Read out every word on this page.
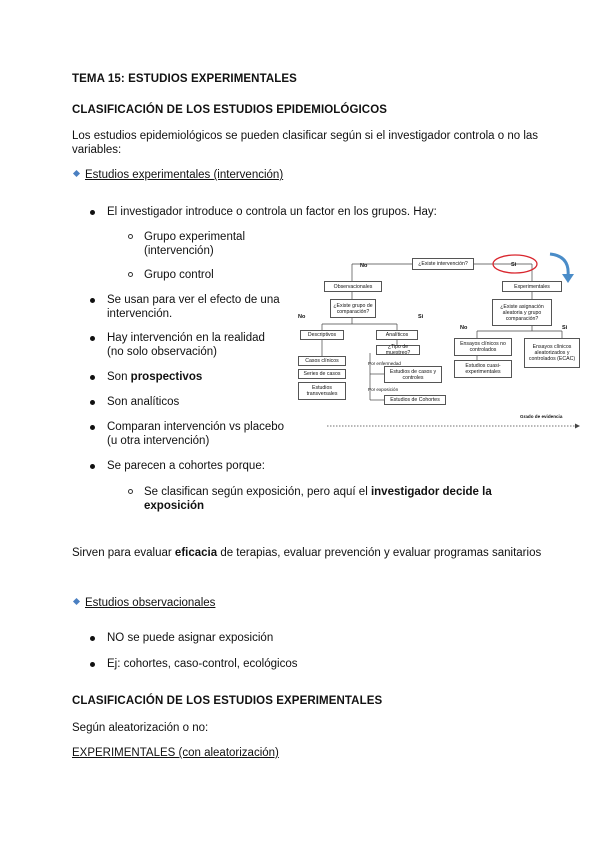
TEMA 15: ESTUDIOS EXPERIMENTALES
CLASIFICACIÓN DE LOS ESTUDIOS EPIDEMIOLÓGICOS
Los estudios epidemiológicos se pueden clasificar según si el investigador controla o no las variables:
Estudios experimentales (intervención)
El investigador introduce o controla un factor en los grupos. Hay:
Grupo experimental
(intervención)
Grupo control
Se usan para ver el efecto de una
intervención.
Hay intervención en la realidad
(no solo observación)
Son prospectivos
Son analíticos
Comparan intervención vs placebo
(u otra intervención)
Se parecen a cohortes porque:
Se clasifican según exposición, pero aquí el investigador decide la
exposición
Sirven para evaluar eficacia de terapias, evaluar prevención y evaluar programas sanitarios
Estudios observacionales
NO se puede asignar exposición
Ej: cohortes, caso-control, ecológicos
CLASIFICACIÓN DE LOS ESTUDIOS EXPERIMENTALES
Según aleatorización o no:
EXPERIMENTALES (con aleatorización)
¿Existe intervención?
No	Si
Observacionales	Experimentales
¿Existe grupo de comparación?
¿Existe asignación aleatoria y grupo comparación?
No	Si
Descriptivos	Analíticos
Casos clínicos
Series de casos
Estudios transversales
¿Tipo de muestreo?
Por enfermedad
Estudios de casos y controles
Por exposición
Estudios de Cohortes
No	Si
Ensayos clínicos no controlados
Estudios cuasi-experimentales
Ensayos clínicos aleatorizados y controlados (ECAC)
Grado de evidencia
